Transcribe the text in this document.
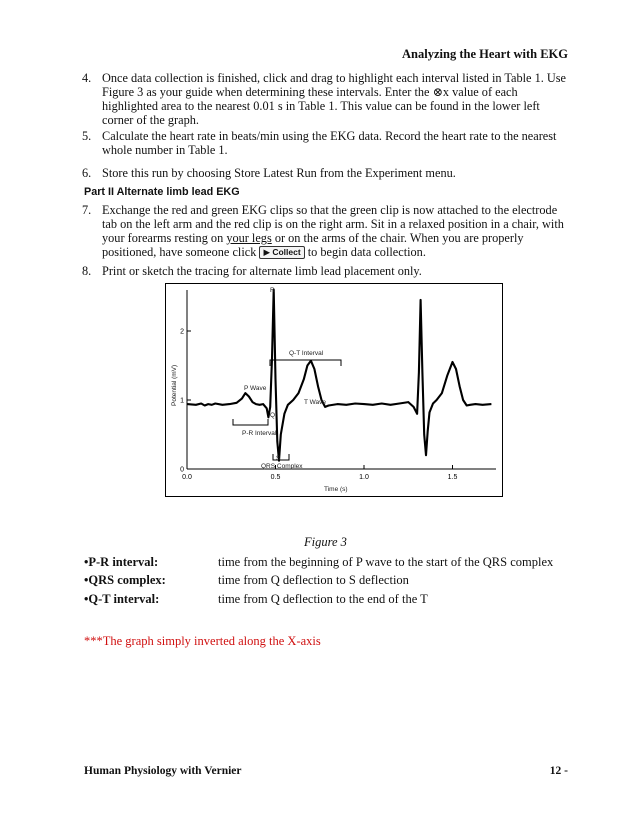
Analyzing the Heart with EKG
4. Once data collection is finished, click and drag to highlight each interval listed in Table 1. Use Figure 3 as your guide when determining these intervals. Enter the ⊗x value of each highlighted area to the nearest 0.01 s in Table 1. This value can be found in the lower left corner of the graph.
5. Calculate the heart rate in beats/min using the EKG data. Record the heart rate to the nearest whole number in Table 1.
6. Store this run by choosing Store Latest Run from the Experiment menu.
Part II Alternate limb lead EKG
7. Exchange the red and green EKG clips so that the green clip is now attached to the electrode tab on the left arm and the red clip is on the right arm. Sit in a relaxed position in a chair, with your forearms resting on your legs or on the arms of the chair. When you are properly positioned, have someone click ▶ Collect to begin data collection.
8. Print or sketch the tracing for alternate limb lead placement only.
0.0	0.5	1.0	1.5
0
1
2
R
P Wave
Q
P-R Interval
Q-T Interval
T Wave
S
QRS Complex
Time (s)
Potential (mV)
Figure 3
•P-R interval:	time from the beginning of P wave to the start of the QRS complex
•QRS complex:	time from Q deflection to S deflection
•Q-T interval:	time from Q deflection to the end of the T
***The graph simply inverted along the X-axis
Human Physiology with Vernier	12 -
